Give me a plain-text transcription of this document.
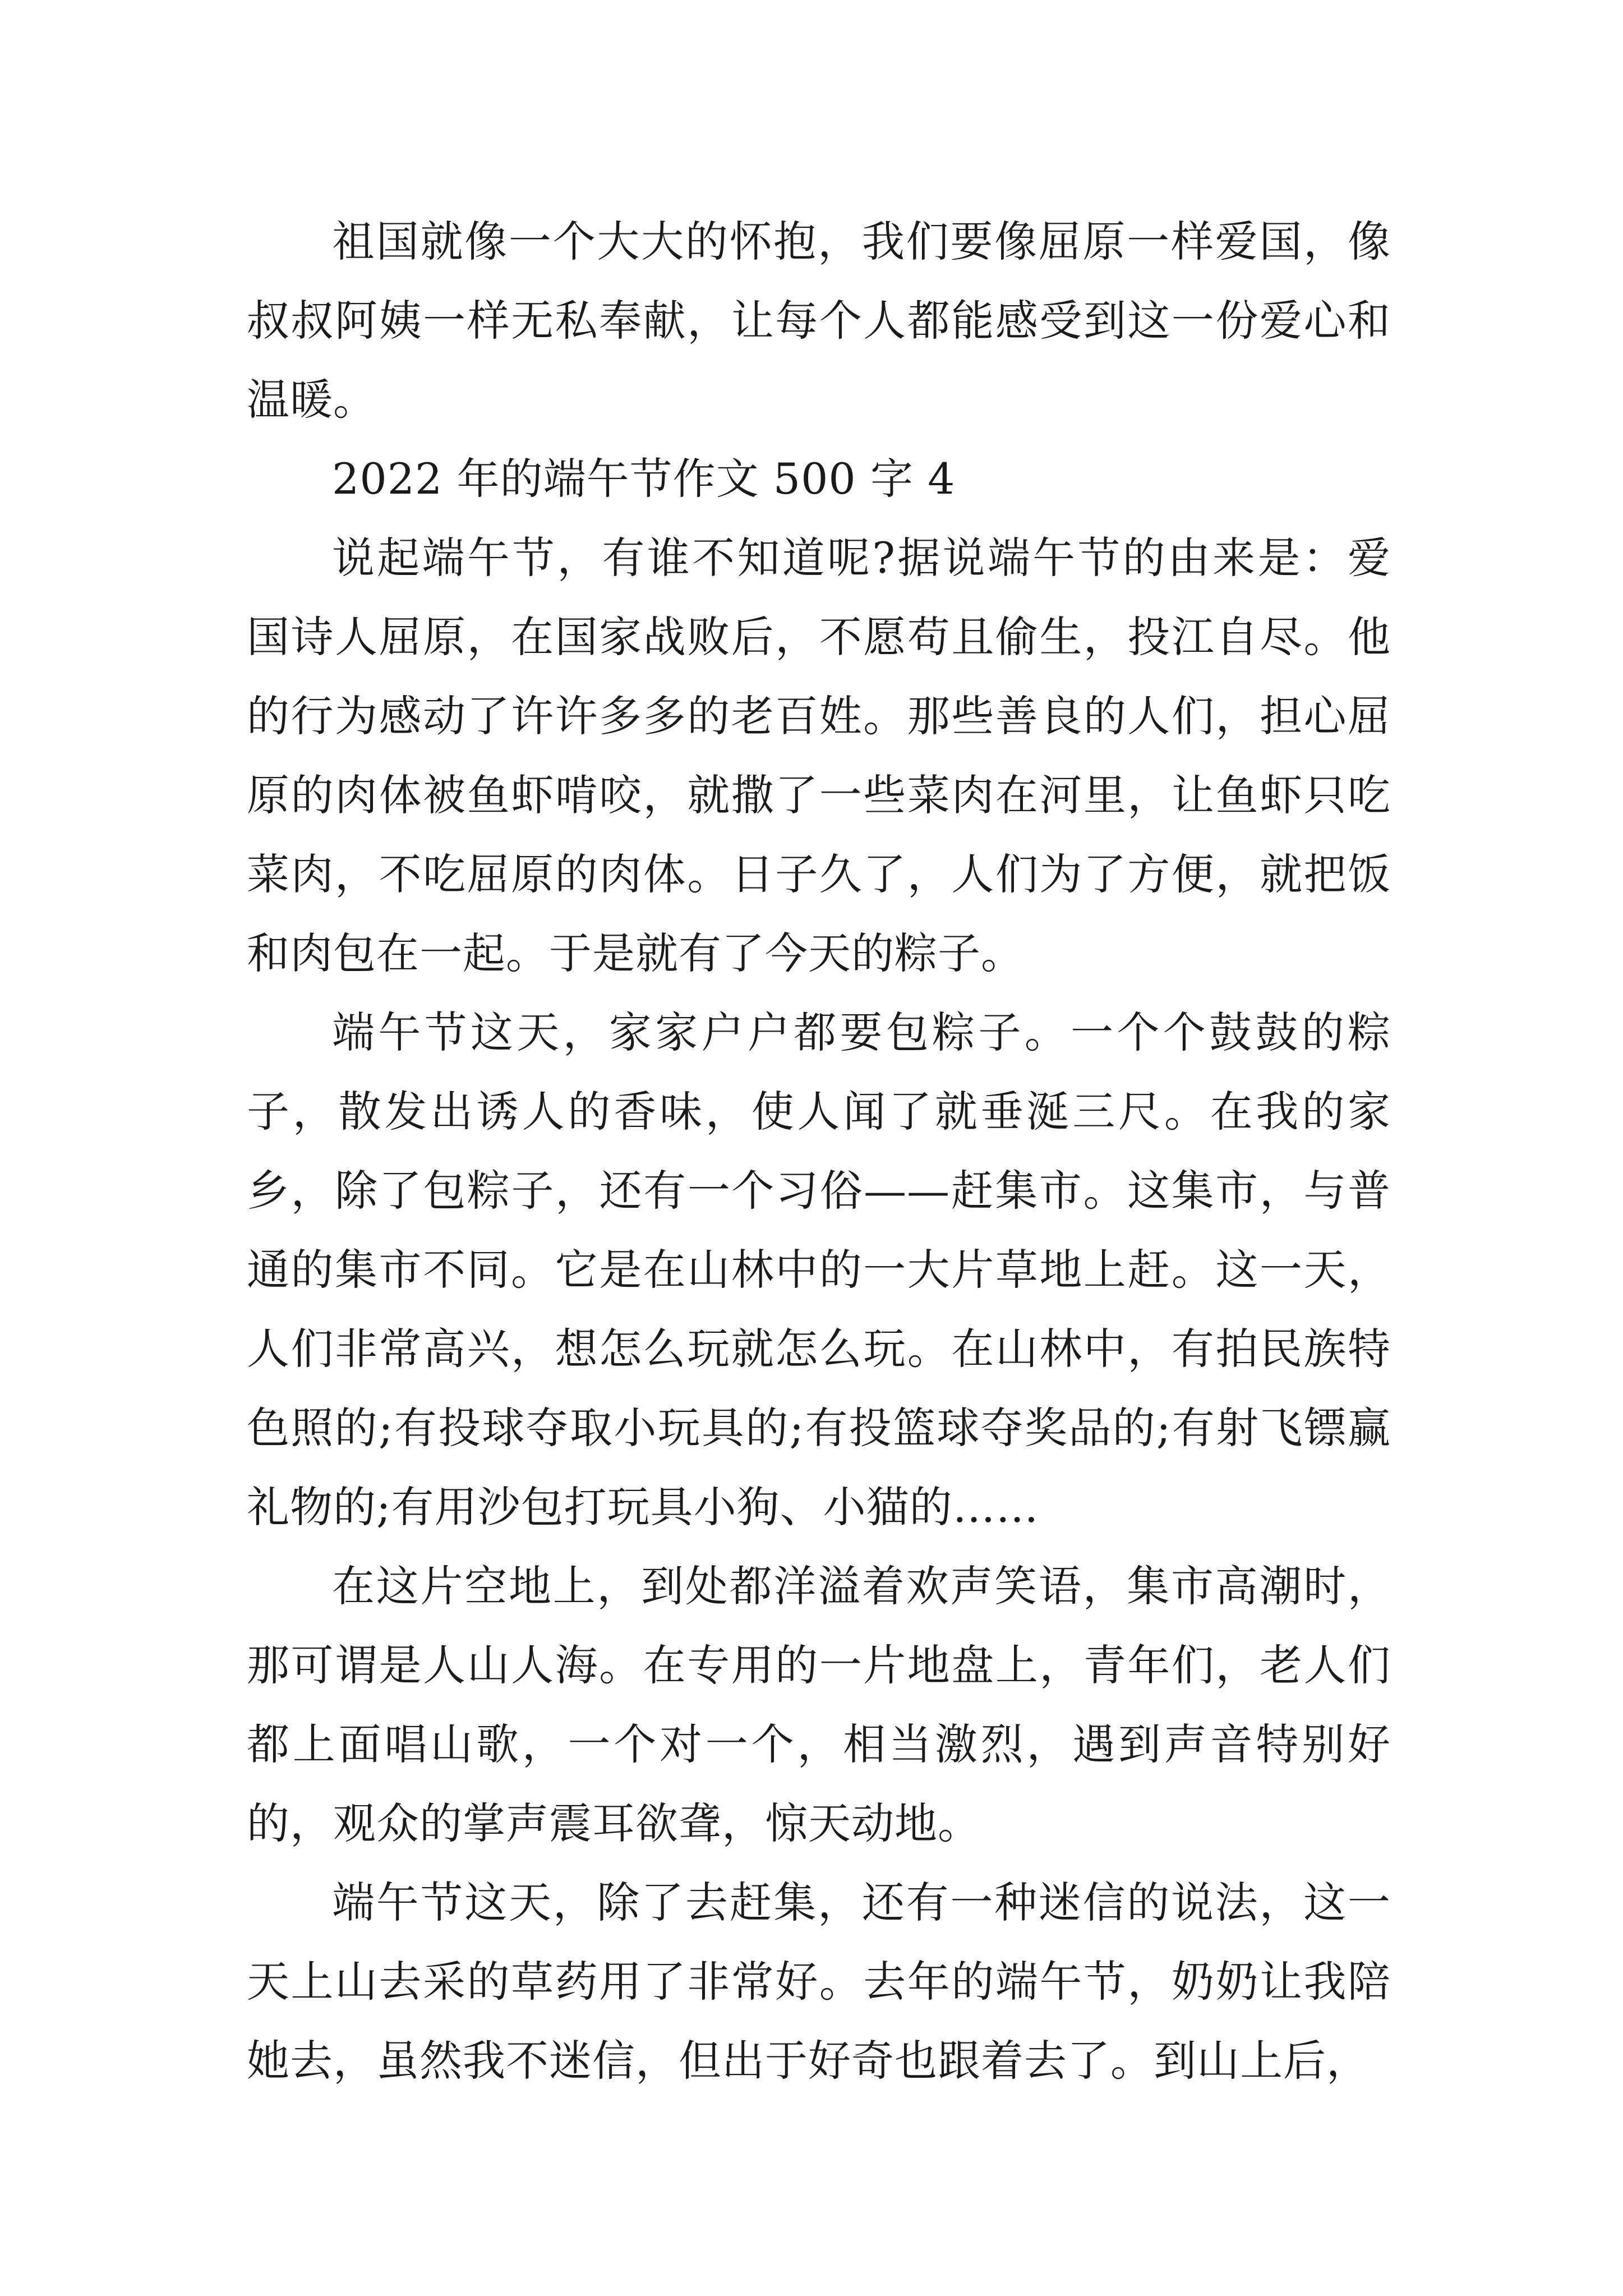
祖国就像一个大大的怀抱，我们要像屈原一样爱国，像叔叔阿姨一样无私奉献，让每个人都能感受到这一份爱心和温暖。

2022 年的端午节作文 500 字 4

说起端午节，有谁不知道呢?据说端午节的由来是：爱国诗人屈原，在国家战败后，不愿苟且偷生，投江自尽。他的行为感动了许许多多的老百姓。那些善良的人们，担心屈原的肉体被鱼虾啃咬，就撒了一些菜肉在河里，让鱼虾只吃菜肉，不吃屈原的肉体。日子久了，人们为了方便，就把饭和肉包在一起。于是就有了今天的粽子。

端午节这天，家家户户都要包粽子。一个个鼓鼓的粽子，散发出诱人的香味，使人闻了就垂涎三尺。在我的家乡，除了包粽子，还有一个习俗——赶集市。这集市，与普通的集市不同。它是在山林中的一大片草地上赶。这一天，人们非常高兴，想怎么玩就怎么玩。在山林中，有拍民族特色照的;有投球夺取小玩具的;有投篮球夺奖品的;有射飞镖赢礼物的;有用沙包打玩具小狗、小猫的……

在这片空地上，到处都洋溢着欢声笑语，集市高潮时，那可谓是人山人海。在专用的一片地盘上，青年们，老人们都上面唱山歌，一个对一个，相当激烈，遇到声音特别好的，观众的掌声震耳欲聋，惊天动地。

端午节这天，除了去赶集，还有一种迷信的说法，这一天上山去采的草药用了非常好。去年的端午节，奶奶让我陪她去，虽然我不迷信，但出于好奇也跟着去了。到山上后，
